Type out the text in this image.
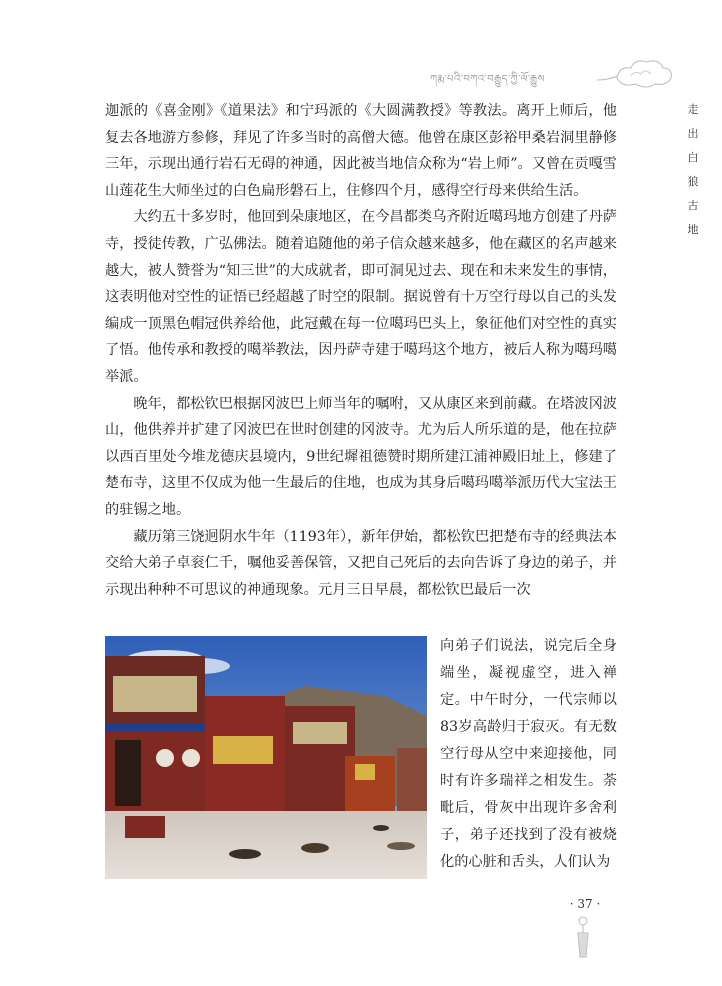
ཀརྨ་པའི་བཀའ་བརྒྱུད་ཀྱི་ལོ་རྒྱུས
走
出
白
狼
古
地

迦派的《喜金刚》《道果法》和宁玛派的《大圆满教授》等教法。离开上师后，他复去各地游方参修，拜见了许多当时的高僧大德。他曾在康区彭裕甲桑岩洞里静修三年，示现出通行岩石无碍的神通，因此被当地信众称为“岩上师”。又曾在贡嘎雪山莲花生大师坐过的白色扁形磐石上，住修四个月，感得空行母来供给生活。

大约五十多岁时，他回到朵康地区，在今昌都类乌齐附近噶玛地方创建了丹萨寺，授徒传教，广弘佛法。随着追随他的弟子信众越来越多，他在藏区的名声越来越大，被人赞誉为“知三世”的大成就者，即可洞见过去、现在和未来发生的事情，这表明他对空性的证悟已经超越了时空的限制。据说曾有十万空行母以自己的头发编成一顶黑色帽冠供养给他，此冠戴在每一位噶玛巴头上，象征他们对空性的真实了悟。他传承和教授的噶举教法，因丹萨寺建于噶玛这个地方，被后人称为噶玛噶举派。

晚年，都松钦巴根据冈波巴上师当年的嘱咐，又从康区来到前藏。在塔波冈波山，他供养并扩建了冈波巴在世时创建的冈波寺。尤为后人所乐道的是，他在拉萨以西百里处今堆龙德庆县境内，9世纪墀祖德赞时期所建江浦神殿旧址上，修建了楚布寺，这里不仅成为他一生最后的住地，也成为其身后噶玛噶举派历代大宝法王的驻锡之地。

藏历第三饶迥阴水牛年（1193年），新年伊始，都松钦巴把楚布寺的经典法本交给大弟子卓衮仁千，嘱他妥善保管，又把自己死后的去向告诉了身边的弟子，并示现出种种不可思议的神通现象。元月三日早晨，都松钦巴最后一次

向弟子们说法，说完后全身端坐，凝视虚空，进入禅定。中午时分，一代宗师以83岁高龄归于寂灭。有无数空行母从空中来迎接他，同时有许多瑞祥之相发生。荼毗后，骨灰中出现许多舍利子，弟子还找到了没有被烧化的心脏和舌头，人们认为

· 37 ·
